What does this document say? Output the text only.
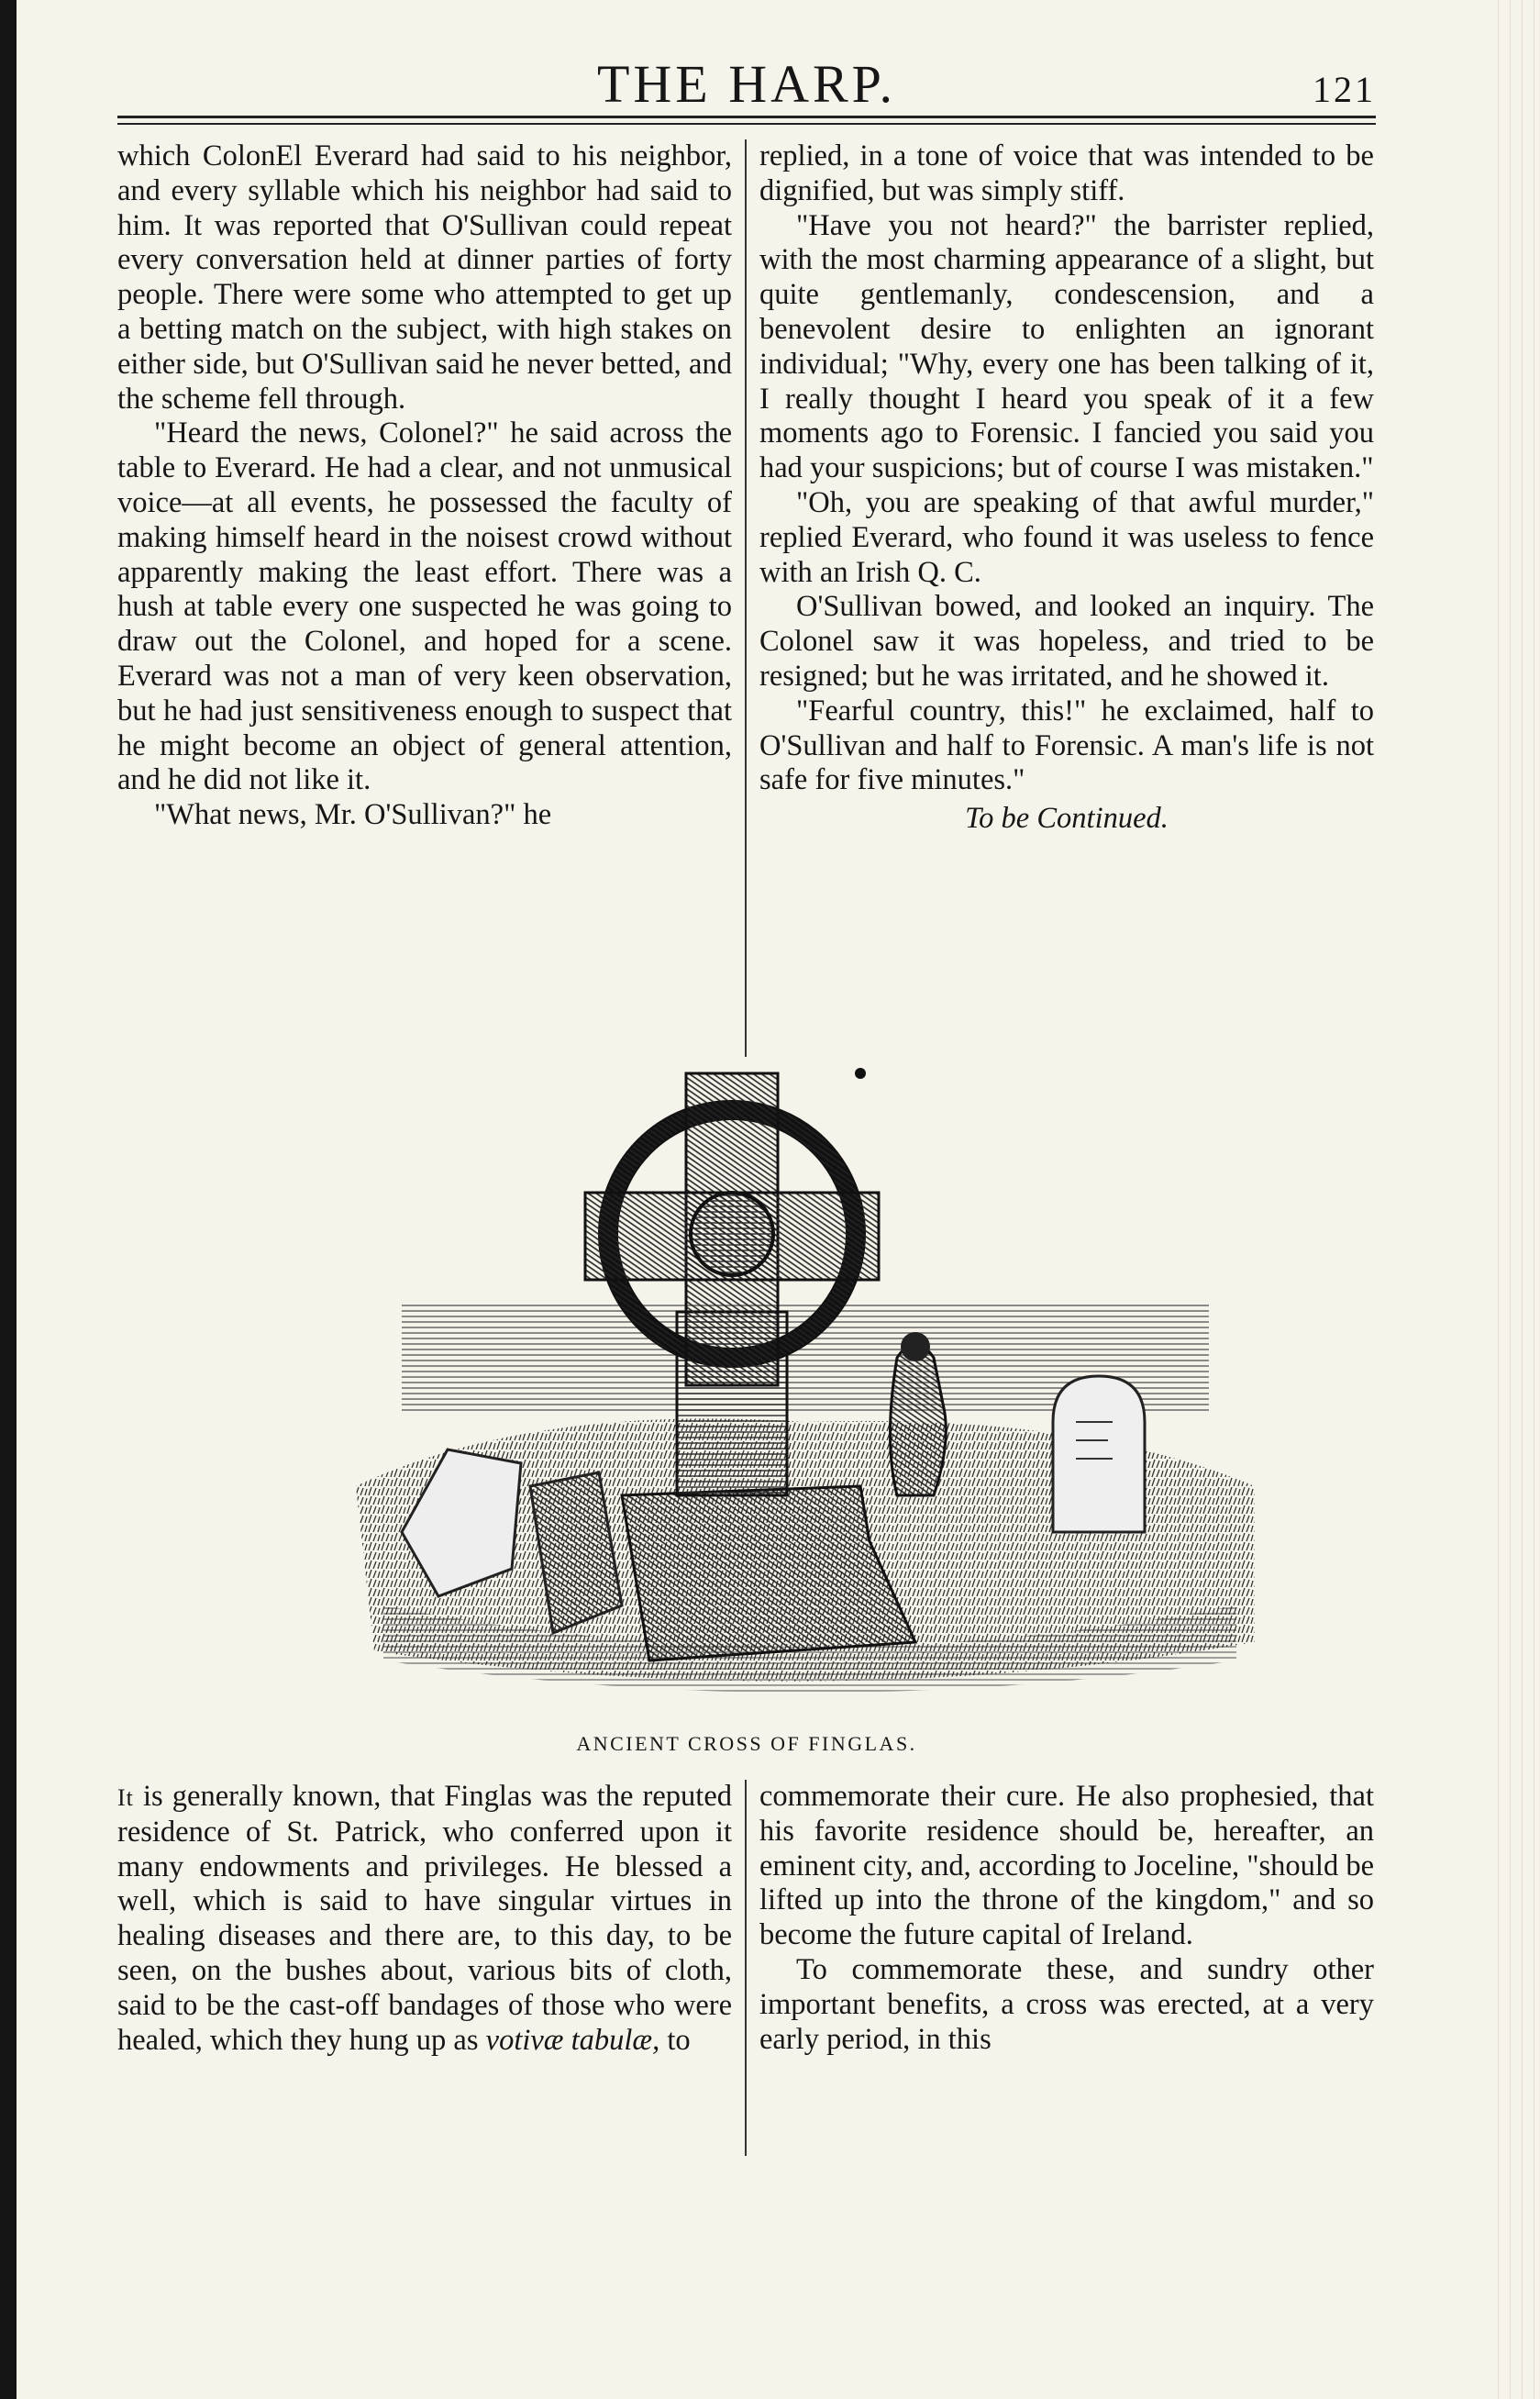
THE HARP.	121

which ColonEl Everard had said to his neighbor, and every syllable which his neighbor had said to him. It was reported that O'Sullivan could repeat every conversation held at dinner parties of forty people. There were some who attempted to get up a betting match on the subject, with high stakes on either side, but O'Sullivan said he never betted, and the scheme fell through.

"Heard the news, Colonel?" he said across the table to Everard. He had a clear, and not unmusical voice—at all events, he possessed the faculty of making himself heard in the noisest crowd without apparently making the least effort. There was a hush at table every one suspected he was going to draw out the Colonel, and hoped for a scene. Everard was not a man of very keen observation, but he had just sensitiveness enough to suspect that he might become an object of general attention, and he did not like it.

"What news, Mr. O'Sullivan?" he

replied, in a tone of voice that was intended to be dignified, but was simply stiff.

"Have you not heard?" the barrister replied, with the most charming appearance of a slight, but quite gentlemanly, condescension, and a benevolent desire to enlighten an ignorant individual; "Why, every one has been talking of it, I really thought I heard you speak of it a few moments ago to Forensic. I fancied you said you had your suspicions; but of course I was mistaken."

"Oh, you are speaking of that awful murder," replied Everard, who found it was useless to fence with an Irish Q. C.

O'Sullivan bowed, and looked an inquiry. The Colonel saw it was hopeless, and tried to be resigned; but he was irritated, and he showed it.

"Fearful country, this!" he exclaimed, half to O'Sullivan and half to Forensic. A man's life is not safe for five minutes."

To be Continued.

ANCIENT CROSS OF FINGLAS.

It is generally known, that Finglas was the reputed residence of St. Patrick, who conferred upon it many endowments and privileges. He blessed a well, which is said to have singular virtues in healing diseases and there are, to this day, to be seen, on the bushes about, various bits of cloth, said to be the cast-off bandages of those who were healed, which they hung up as votivæ tabulæ, to

commemorate their cure. He also prophesied, that his favorite residence should be, hereafter, an eminent city, and, according to Joceline, "should be lifted up into the throne of the kingdom," and so become the future capital of Ireland.

To commemorate these, and sundry other important benefits, a cross was erected, at a very early period, in this
